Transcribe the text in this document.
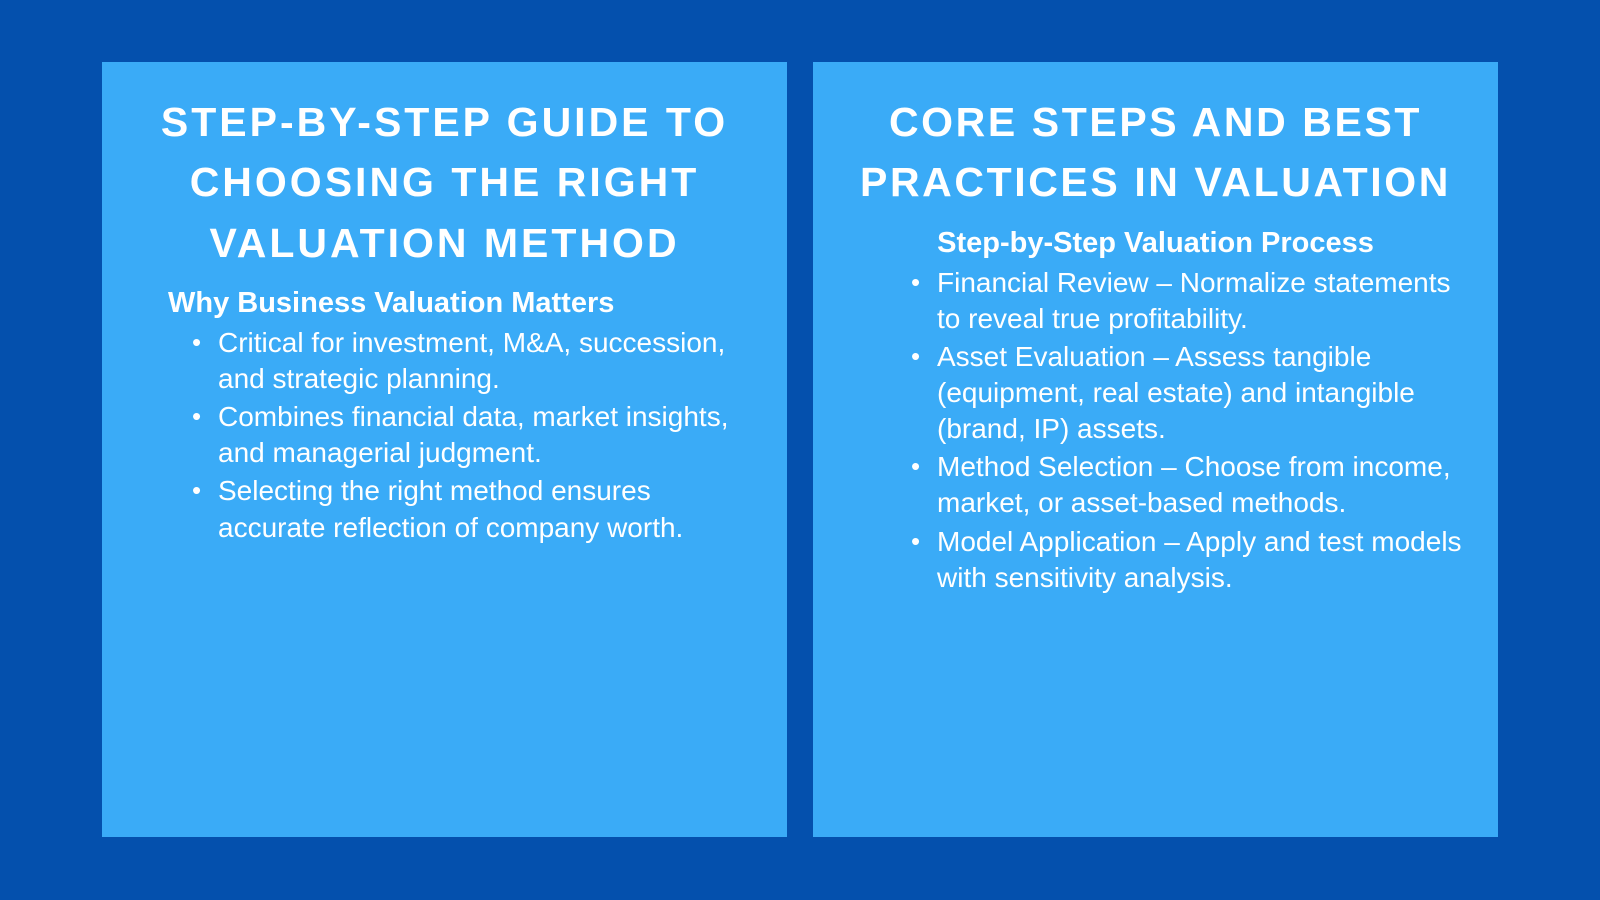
STEP-BY-STEP GUIDE TO CHOOSING THE RIGHT VALUATION METHOD
Why Business Valuation Matters
• Critical for investment, M&A, succession, and strategic planning.
• Combines financial data, market insights, and managerial judgment.
• Selecting the right method ensures accurate reflection of company worth.
CORE STEPS AND BEST PRACTICES IN VALUATION
Step-by-Step Valuation Process
• Financial Review – Normalize statements to reveal true profitability.
• Asset Evaluation – Assess tangible (equipment, real estate) and intangible (brand, IP) assets.
• Method Selection – Choose from income, market, or asset-based methods.
• Model Application – Apply and test models with sensitivity analysis.
